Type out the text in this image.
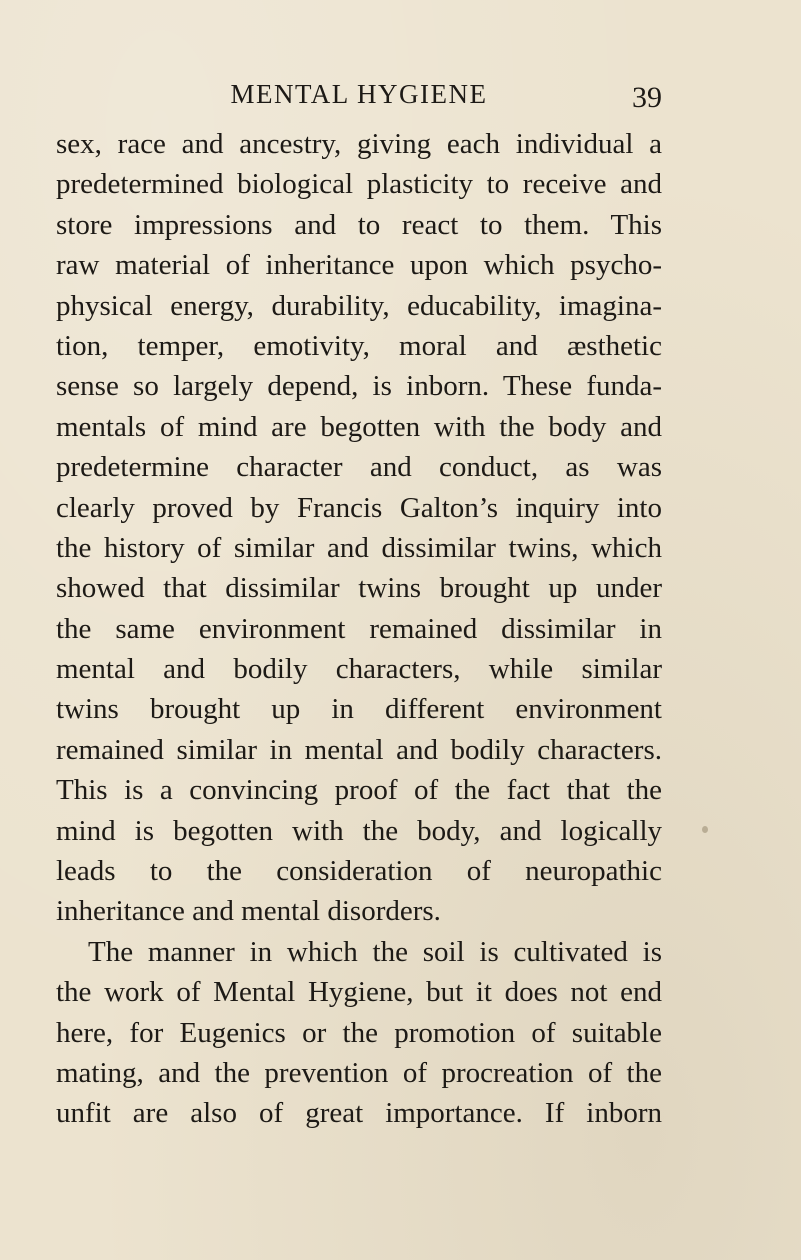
MENTAL HYGIENE	39
sex, race and ancestry, giving each individual a
predetermined biological plasticity to receive and
store impressions and to react to them. This
raw material of inheritance upon which psycho-
physical energy, durability, educability, imagina-
tion, temper, emotivity, moral and æsthetic
sense so largely depend, is inborn. These funda-
mentals of mind are begotten with the body and
predetermine character and conduct, as was
clearly proved by Francis Galton’s inquiry into
the history of similar and dissimilar twins, which
showed that dissimilar twins brought up under
the same environment remained dissimilar in
mental and bodily characters, while similar
twins brought up in different environment
remained similar in mental and bodily characters.
This is a convincing proof of the fact that the
mind is begotten with the body, and logically
leads to the consideration of neuropathic
inheritance and mental disorders.
The manner in which the soil is cultivated is
the work of Mental Hygiene, but it does not end
here, for Eugenics or the promotion of suitable
mating, and the prevention of procreation of the
unfit are also of great importance. If inborn
